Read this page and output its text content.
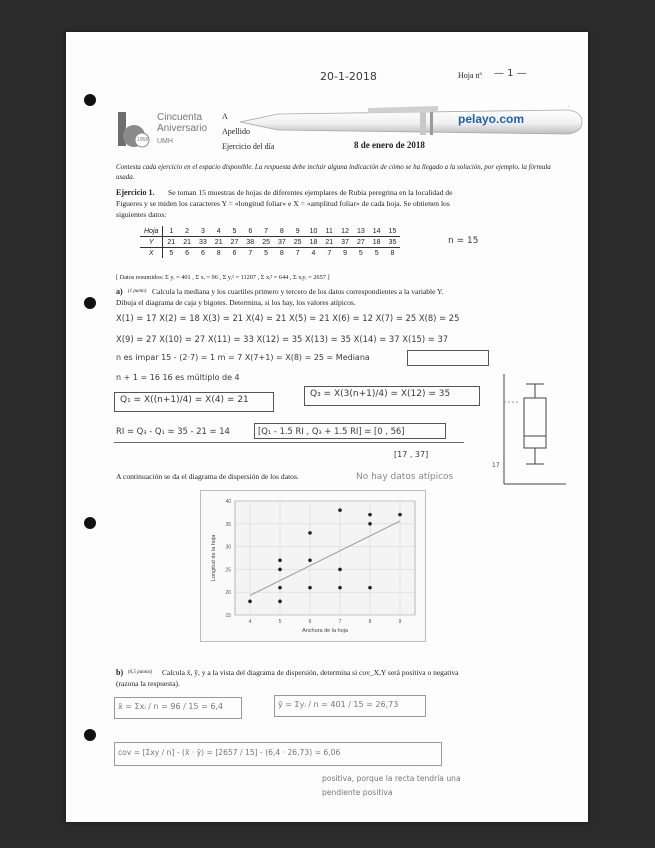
20-1-2018	Hoja nº — 1 —
1968
Cincuenta
Aniversario
UMH
A
Apellido
Ejercicio del día	8 de enero de 2018
pelayo.com
Contesta cada ejercicio en el espacio disponible. La respuesta debe incluir alguna indicación de cómo se ha llegado a la solución, por ejemplo, la fórmula usada.
Ejercicio 1. Se toman 15 muestras de hojas de diferentes ejemplares de Rubia peregrina en la localidad de
Figueres y se miden los caracteres Y = «longitud foliar» e X = «amplitud foliar» de cada hoja. Se obtienen los
siguientes datos:
Hoja	1	2	3	4	5	6	7	8	9	10	11	12	13	14	15
Y	21	21	33	21	27	38	25	37	25	18	21	37	27	18	35
X	5	6	6	8	6	7	5	8	7	4	7	9	5	5	8
n = 15
[ Datos resumidos: Σ yᵢ = 401 , Σ xᵢ = 96 , Σ yᵢ² = 11207 , Σ xᵢ² = 644 , Σ xᵢyᵢ = 2657 ]
a) (1 punto) Calcula la mediana y los cuartiles primero y tercero de los datos correspondientes a la variable Y.
Dibuja el diagrama de caja y bigotes. Determina, si los hay, los valores atípicos.
X(1) = 17 X(2) = 18 X(3) = 21 X(4) = 21 X(5) = 21 X(6) = 12 X(7) = 25 X(8) = 25
X(9) = 27 X(10) = 27 X(11) = 33 X(12) = 35 X(13) = 35 X(14) = 37 X(15) = 37
n es impar 15 - (2·7) = 1 m = 7 X(7+1) = X(8) = 25 = Mediana
n + 1 = 16 16 es múltiplo de 4
Q₁ = X((n+1)/4) = X(4) = 21
Q₃ = X(3(n+1)/4) = X(12) = 35
RI = Q₃ - Q₁ = 35 - 21 = 14	[Q₁ - 1.5 RI , Q₃ + 1.5 RI] = [0 , 56]
[17 , 37]
17
A continuación se da el diagrama de dispersión de los datos.	No hay datos atípicos
15
20
25
30
35
40
4	5	6	7	8	9
Anchura de la hoja
Longitud de la hoja
b) (0,5 puntos) Calcula x̄, ȳ, y a la vista del diagrama de dispersión, determina si cov_X,Y será positiva o negativa
(razona la respuesta).
x̄ = Σxᵢ / n = 96 / 15 = 6,4	ȳ = Σyᵢ / n = 401 / 15 = 26,73
cov = [Σxy / n] - (x̄ · ȳ) = [2657 / 15] - (6,4 · 26,73) = 6,06
positiva, porque la recta tendría una
pendiente positiva
